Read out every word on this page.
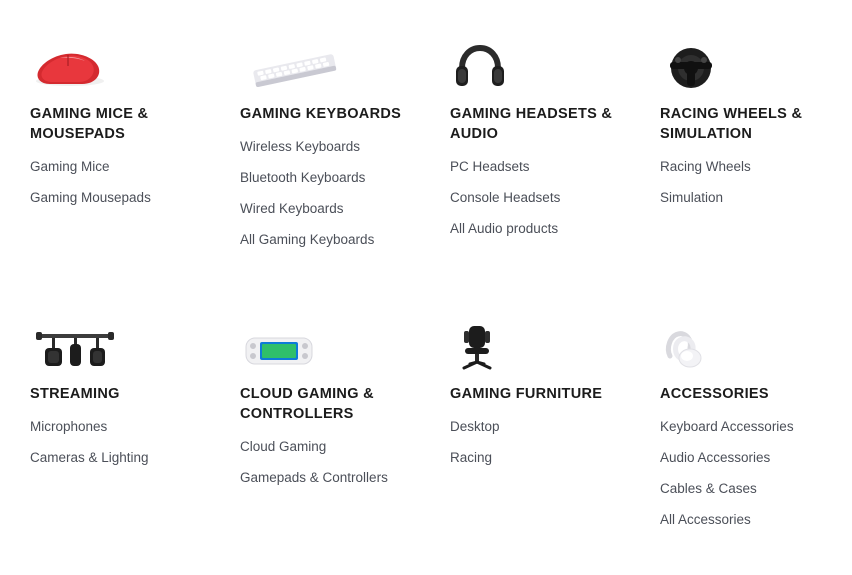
GAMING MICE & MOUSEPADS
Gaming Mice
Gaming Mousepads
GAMING KEYBOARDS
Wireless Keyboards
Bluetooth Keyboards
Wired Keyboards
All Gaming Keyboards
GAMING HEADSETS & AUDIO
PC Headsets
Console Headsets
All Audio products
RACING WHEELS & SIMULATION
Racing Wheels
Simulation
STREAMING
Microphones
Cameras & Lighting
CLOUD GAMING & CONTROLLERS
Cloud Gaming
Gamepads & Controllers
GAMING FURNITURE
Desktop
Racing
ACCESSORIES
Keyboard Accessories
Audio Accessories
Cables & Cases
All Accessories
